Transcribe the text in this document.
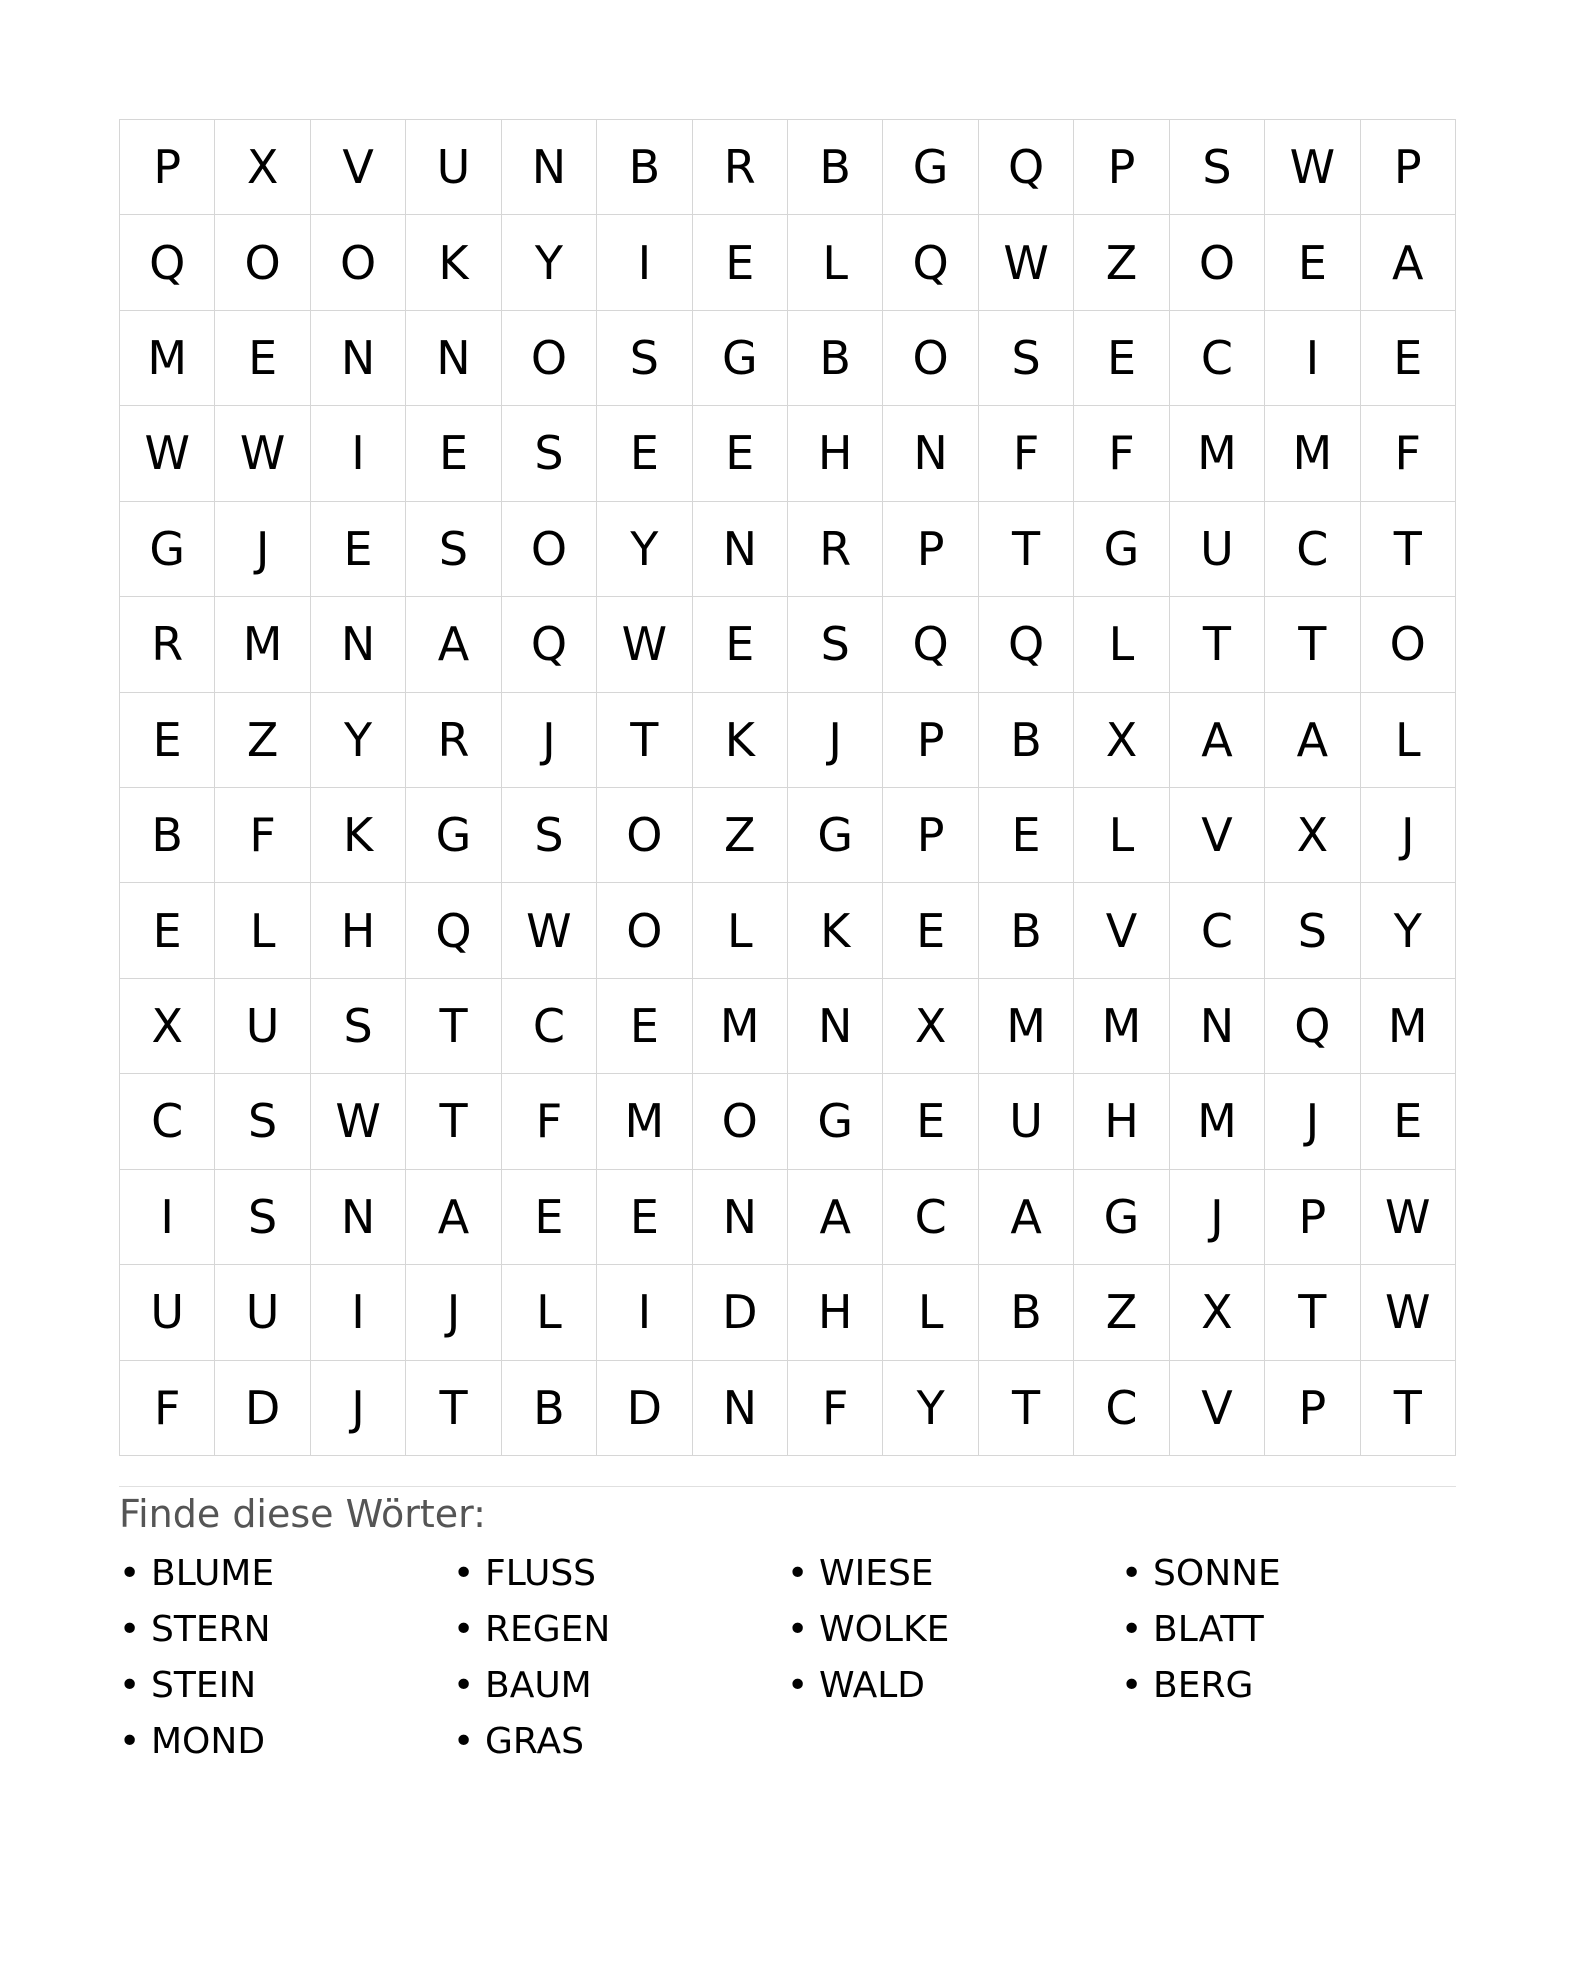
P	X	V	U	N	B	R	B	G	Q	P	S	W	P
Q	O	O	K	Y	I	E	L	Q	W	Z	O	E	A
M	E	N	N	O	S	G	B	O	S	E	C	I	E
W	W	I	E	S	E	E	H	N	F	F	M	M	F
G	J	E	S	O	Y	N	R	P	T	G	U	C	T
R	M	N	A	Q	W	E	S	Q	Q	L	T	T	O
E	Z	Y	R	J	T	K	J	P	B	X	A	A	L
B	F	K	G	S	O	Z	G	P	E	L	V	X	J
E	L	H	Q	W	O	L	K	E	B	V	C	S	Y
X	U	S	T	C	E	M	N	X	M	M	N	Q	M
C	S	W	T	F	M	O	G	E	U	H	M	J	E
I	S	N	A	E	E	N	A	C	A	G	J	P	W
U	U	I	J	L	I	D	H	L	B	Z	X	T	W
F	D	J	T	B	D	N	F	Y	T	C	V	P	T
Finde diese Wörter:
• BLUME	• FLUSS	• WIESE	• SONNE
• STERN	• REGEN	• WOLKE	• BLATT
• STEIN	• BAUM	• WALD	• BERG
• MOND	• GRAS
